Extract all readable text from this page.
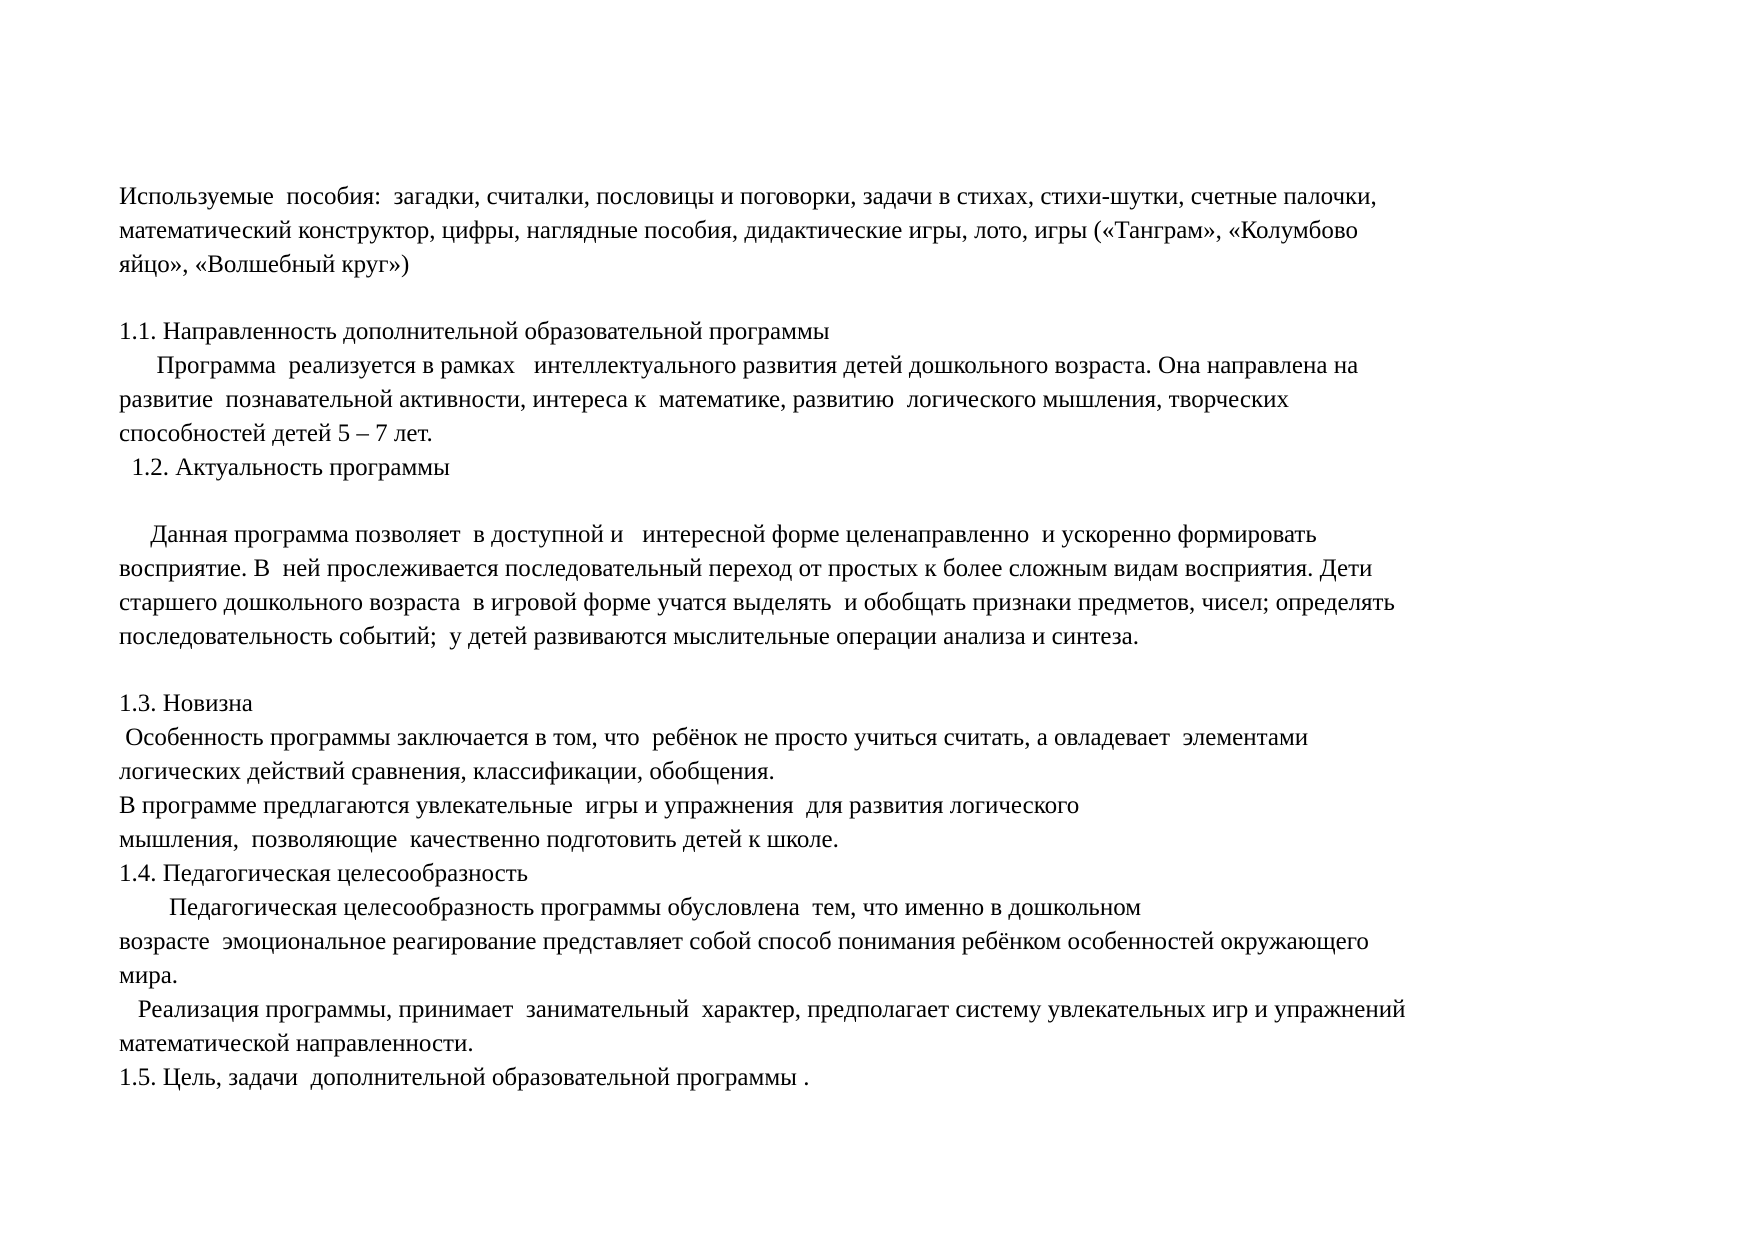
Используемые  пособия:  загадки, считалки, пословицы и поговорки, задачи в стихах, стихи-шутки, счетные палочки,
математический конструктор, цифры, наглядные пособия, дидактические игры, лото, игры («Танграм», «Колумбово
яйцо», «Волшебный круг»)
1.1. Направленность дополнительной образовательной программы
Программа  реализуется в рамках   интеллектуального развития детей дошкольного возраста. Она направлена на
развитие  познавательной активности, интереса к  математике, развитию  логического мышления, творческих
способностей детей 5 – 7 лет.
1.2. Актуальность программы
Данная программа позволяет  в доступной и   интересной форме целенаправленно  и ускоренно формировать
восприятие. В  ней прослеживается последовательный переход от простых к более сложным видам восприятия. Дети
старшего дошкольного возраста  в игровой форме учатся выделять  и обобщать признаки предметов, чисел; определять
последовательность событий;  у детей развиваются мыслительные операции анализа и синтеза.
1.3. Новизна
Особенность программы заключается в том, что  ребёнок не просто учиться считать, а овладевает  элементами
логических действий сравнения, классификации, обобщения.
В программе предлагаются увлекательные  игры и упражнения  для развития логического
мышления,  позволяющие  качественно подготовить детей к школе.
1.4. Педагогическая целесообразность
Педагогическая целесообразность программы обусловлена  тем, что именно в дошкольном
возрасте  эмоциональное реагирование представляет собой способ понимания ребёнком особенностей окружающего
мира.
Реализация программы, принимает  занимательный  характер, предполагает систему увлекательных игр и упражнений
математической направленности.
1.5. Цель, задачи  дополнительной образовательной программы .
